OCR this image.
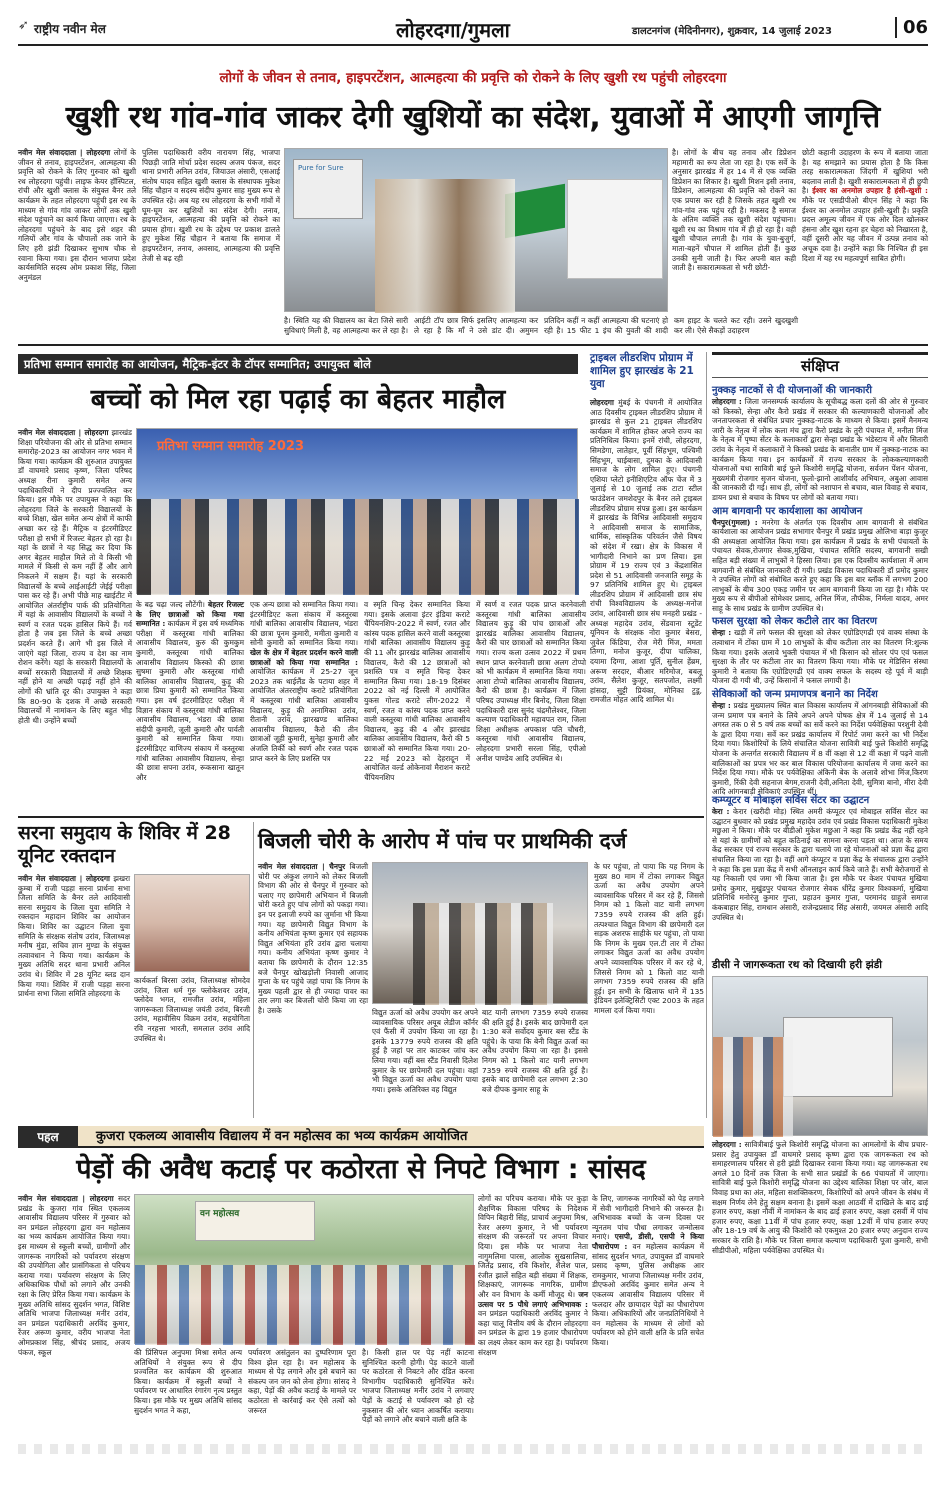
➶ राष्ट्रीय नवीन मेल	लोहरदगा/गुमला	डालटनगंज (मेदिनीनगर), शुक्रवार, 14 जुलाई 2023	06
लोगों के जीवन से तनाव, हाइपरटेंशन, आत्महत्या की प्रवृत्ति को रोकने के लिए खुशी रथ पहुंची लोहरदगा
खुशी रथ गांव-गांव जाकर देगी खुशियों का संदेश, युवाओं में आएगी जागृत्ति
नवीन मेल संवाददाता | लोहरदगा लोगों के जीवन से तनाव, हाइपरटेंशन, आत्महत्या की प्रवृत्ति को रोकने के लिए गुरुवार को खुशी रथ लोहरदगा पहुंची। लाइफ केयर हॉस्पिटल, रांची और खुशी क्लास के संयुक्त बैनर तले कार्यक्रम के तहत लोहरदगा पहुंची इस रथ के माध्यम से गांव गांव जाकर लोगों तक खुशी संदेश पहुंचाने का कार्य किया जाएगा। रथ के लोहरदगा पहुंचने के बाद इसे शहर की गलियों और गांव के चौपालों तक जाने के लिए हरी झंडी दिखाकर सुभाष चौक से रवाना किया गया। इस दौरान भाजपा प्रदेश कार्यसमिति सदस्य ओम प्रकाश सिंह, जिला अनुमंडल
पुलिस पदाधिकारी वरीय नारायण सिंह, भाजपा पिछड़ी जाति मोर्चा प्रदेश सदस्य अजय पंकज, सदर थाना प्रभारी अनिल उरांव, जियाउल अंसारी, एसआई संतोष यादव सहित खुशी क्लास के संस्थापक मुकेश सिंह चौहान व सदस्य संदीप कुमार साह मुख्य रूप से उपस्थित रहे। अब यह रथ लोहरदगा के सभी गांवों में घूम-घूम कर खुशियों का संदेश देगी। तनाव, हाइपरटेंशन, आत्महत्या की प्रवृत्ति को रोकने का प्रयास होगा। खुशी रथ के उद्देश्य पर प्रकाश डालते हुए मुकेश सिंह चौहान ने बताया कि समाज में हाइपरटेंशन, तनाव, अवसाद, आत्महत्या की प्रवृत्ति तेजी से बढ़ रही
Pure for Sure
है। स्थिति यह की विद्यालय का बेटा जिसे सारी सुविधाएं मिली है, वह आत्महत्या कर ले रहा है। आईटी टॉप छात्र सिर्फ इसलिए आत्महत्या कर ले रहा है कि माँ ने उसे डांट दी। अमुमन प्रतिदिन कहीं न कहीं आत्महत्या की घटनाएं हो रही है। 15 फीट 1 इंच की युवती की शादी कम हाइट के चलते कट रही। उसने खुदखुशी कर ली। ऐसे सैकड़ों उदाहरण
है। लोगों के बीच यह तनाव और डिप्रेशन महामारी का रूप लेता जा रहा है। एक सर्वे के अनुसार झारखंड में हर 14 में से एक व्यक्ति डिप्रेशन का शिकार है। खुशी मिशन इसी तनाव, डिप्रेशन, आत्महत्या की प्रवृत्ति को रोकने का एक प्रयास कर रही है जिसके तहत खुशी रथ गांव-गांव तक पहुंच रही है। मकसद है समाज के अंतिम व्यक्ति तक खुशी संदेश पहुंचाना। खुशी रथ का विश्राम गांव में ही हो रहा है। वही खुशी चौपाल लगती है। गांव के युवा-बुजुर्ग, माता-बहनें चौपाल में शामिल होती हैं। कुछ उनकी सुनी जाती है। फिर अपनी बात कही जाती है। सकारात्मकता से भरी छोटी-
छोटी कहानी उदाहरण के रूप में बताया जाता है। यह समझाने का प्रयास होता है कि किस तरह सकारात्मकता जिंदगी में खुशियां भरी बदलाव लाती है। खुशी सकारात्मकता में ही छुपी है। ईश्वर का अनमोल उपहार है हंसी-खुशी : मौके पर एसडीपीओ बीएन सिंह ने कहा कि ईश्वर का अनमोल उपहार हंसी-खुशी है। प्रकृति प्रदत्त अमूल्य जीवन में एक ओर दिल खोलकर हंसना और खुश रहना हर चेहरा को निखारता है, वहीं दूसरी ओर यह जीवन में उत्पन्न तनाव को अचूक दवा है। उन्होंने कहा कि निश्चित ही इस दिशा में यह रथ महत्वपूर्ण साबित होगी।
प्रतिभा सम्मान समारोह का आयोजन, मैट्रिक-इंटर के टॉपर सम्मानित; उपायुक्त बोले
बच्चों को मिल रहा पढ़ाई का बेहतर माहौल
नवीन मेल संवाददाता | लोहरदगा झारखंड शिक्षा परियोजना की ओर से प्रतिभा सम्मान समारोह-2023 का आयोजन नगर भवन में किया गया। कार्यक्रम की शुरुआत उपायुक्त डॉ वाघमारे प्रसाद कृष्ण, जिला परिषद अध्यक्ष रीना कुमारी समेत अन्य पदाधिकारियों ने दीप प्रज्ज्वलित कर किया। इस मौके पर उपायुक्त ने कहा कि लोहरदगा जिले के सरकारी विद्यालयों के बच्चे शिक्षा, खेल समेत अन्य क्षेत्रों में काफी अच्छा कर रहे हैं। मैट्रिक व इंटरमीडिएट परीक्षा हो सभी में रिजल्ट बेहतर हो रहा है। यहां के छात्रों ने यह सिद्ध कर दिया कि अगर बेहतर माहौल मिले तो वे किसी भी मामले में किसी से कम नहीं हैं और आगे निकलने में सक्षम हैं। यहां के सरकारी विद्यालयों के बच्चे आईआईटी जेईई परीक्षा पास कर रहे हैं। अभी पीछे माह खाईटीट में आयोजित अंतर्राष्ट्रीय पार्क की प्रतियोगिता में यहां के आवासीय विद्यालयों के बच्चों ने स्वर्ण व रजत पदक हासिल किये हैं। गर्व होता है जब इस जिले के बच्चे अच्छा प्रदर्शन करते हैं। आगे भी इस जिले में जाएंगे यहां जिला, राज्य व देश का नाम रोशन करेंगे। यहां के सरकारी विद्यालयों के बच्चों सरकारी विद्यालयों में अच्छे शिक्षक नहीं होने या अच्छी पढ़ाई नहीं होने की लोगों की भ्रांति दूर की। उपायुक्त ने कहा कि 80-90 के दशक में अच्छे सरकारी विद्यालयों में नामांकन के लिए बहुत भीड़ होती थी। उन्होंने बच्चों
प्रतिभा सम्मान समारोह 2023
के बढ़ चढ़ा जल्द लौटेंगी। बेहतर रिजल्ट के लिए छात्राओं को किया गया सम्मानित : कार्यक्रम में इस वर्ष मध्यमिक परीक्षा में कस्तूरबा गांधी बालिका आवासीय विद्यालय, कुरु की कुमकुम कुमारी, कस्तूरबा गांधी बालिका आवासीय विद्यालय किस्को की छात्रा सुषमा कुमारी और कस्तूरबा गांधी बालिका आवासीय विद्यालय, कुड़ू की छात्रा प्रिया कुमारी को सम्मानित किया गया। इस वर्ष इंटरमीडिएट परीक्षा में विज्ञान संकाय में कस्तूरबा गांधी बालिका आवासीय विद्यालय, भंडरा की छात्रा संदीपी कुमारी, जूली कुमारी और पार्वती कुमारी को सम्मानित किया गया। इंटरमीडिएट वाणिज्य संकाय में कस्तूरबा गांधी बालिका आवासीय विद्यालय, सेन्हा की छात्रा सपना उरांव, रूकसाना खातून और
एक अन्य छात्रा को सम्मानित किया गया। इंटरमीडिएट कला संकाय में कस्तूरबा गांधी बालिका आवासीय विद्यालय, भंडरा की छात्रा पूनम कुमारी, ममीता कुमारी व सोनी कुमारी को सम्मानित किया गया। खेल के क्षेत्र में बेहतर प्रदर्शन करने वाली छात्राओं को किया गया सम्मानित : आयोजित कार्यक्रम में 25-27 जून 2023 तक थाईलैंड के पटाया शहर में आयोजित अंतरराष्ट्रीय कराटे प्रतियोगिता में कस्तूरबा गांधी बालिका आवासीय विद्यालय, कुड़ू की अनामिका उरांव, रीतानी उरांव, झारखण्ड बालिका आवासीय विद्यालय, कैरो की तीन छात्राओं जूही कुमारी, सुनेहा कुमारी और अंजलि तिर्की को स्वर्ण और रजत पदक प्राप्त करने के लिए प्रशस्ति पत्र
व स्मृति चिन्ह देकर सम्मानित किया गया। इसके अलावा इंटर इंडिया कराटे चैंपियनशिप-2022 में स्वर्ण, रजत और कांस्य पदक हासिल करने वाली कस्तूरबा गांधी बालिका आवासीय विद्यालय कुड़ू की 11 और झारखंड बालिका आवासीय विद्यालय, कैरो की 12 छात्राओं को प्रशस्ति पत्र व स्मृति चिन्ह देकर सम्मानित किया गया। 18-19 दिसंबर 2022 को नई दिल्ली में आयोजित युकस गोल्ड कराटे लीग-2022 में स्वर्ण, रजत व कांस्य पदक प्राप्त करने वाली कस्तूरबा गांधी बालिका आवासीय विद्यालय, कुड़ू की 4 और झारखंड बालिका आवासीय विद्यालय, कैरो की 5 छात्राओं को सम्मानित किया गया। 20-22 मई 2023 को देहरादून में आयोजित वर्ल्ड ओकेनावां मैराशन कराटे चैंपियनशिप
में स्वर्ण व रजत पदक प्राप्त करनेवाली कस्तूरबा गांधी बालिका आवासीय विद्यालय कुड़ू की पांच छात्राओं और झारखंड बालिका आवासीय विद्यालय, कैरो की चार छात्राओं को सम्मानित किया गया। राज्य कला उत्सव 2022 में प्रथम स्थान प्राप्त करनेवाली छात्रा अलग टोप्पो को भी कार्यक्रम में सम्मानित किया गया। आशा टोप्पो बालिका आवासीय विद्यालय, कैरो की छात्रा है। कार्यक्रम में जिला परिषद उपाध्यक्ष मीर बिनोद, जिला शिक्षा पदाधिकारी दास सुनंद चंद्रमौलेश्वर, जिला कल्याण पदाधिकारी महावपत राम, जिला शिक्षा अधीक्षक अपकाश पति चौधरी, कस्तूरबा गांधी आवासीय विद्यालय, लोहरदगा प्रभारी सरला सिंह, एपीओ अनीश पाण्डेय आदि उपस्थित थे।
ट्राइबल लीडरशिप प्रोग्राम में शामिल हुए झारखंड के 21 युवा
लोहरदगा मुंबई के पंचगनी में आयोजित आठ दिवसीय ट्राइबल लीडरशिप प्रोग्राम में झारखंड से कुल 21 ट्राइबल लीडरशिप कार्यक्रम में शामिल होकर अपने राज्य का प्रतिनिधित्व किया। इनमें रांची, लोहरदगा, सिमडेगा, लातेहार, पूर्वी सिंहभूम, पश्चिमी सिंहभूम, चाईबासा, दुमका के आदिवासी समाज के लोग शामिल हुए। पंचगनी एशिया प्लेटो इनीशिएटिव ऑफ चेंज में 3 जुलाई से 10 जुलाई तक टाटा स्टील फाउंडेशन जमशेदपुर के बैनर तले ट्राइबल लीडरशिप प्रोग्राम संपन्न हुआ। इस कार्यक्रम में झारखंड के विभिन्न आदिवासी समुदाय ने आदिवासी समाज के सामाजिक, धार्मिक, सांस्कृतिक परिवर्तन जैसे विषय को संदेश में रखा। क्षेत्र के विकास में भागीदारी निभाने का प्रण लिया। इस प्रोग्राम में 19 राज्य एवं 3 केंद्रशासित प्रदेश से 51 आदिवासी जनजाति समूह के 97 प्रतिनिधि शामिल हुए थे। ट्राइबल लीडरशिप प्रोग्राम में आदिवासी छात्र संघ रांची विश्वविद्यालय के अध्यक्ष-मनोज उरांव, आदिवासी छात्र संघ मनहरी प्रखंड - अध्यक्ष महादेव उरांव, सेंडवाना स्टूडेंट यूनियन के संरक्षक नोरा कुमार बेसरा, जुवेल किंडिया, रोज मेरी मिंज, ममता तिग्गा, मनोज कुजूर, दीपा चालिका, दयामा दिग्गा, आशा पूर्ति, सुनील हेंब्रम, अरूण सरदार, बीआर मरिमोज, बबलू उरांव, सैलेश कुजूर, सतपजोत, लक्ष्मी हांसदा, सुट्टी प्रियंका, मोनिका टुडू, रामजीत मोहत आदि शामिल थे।
संक्षिप्त
नुक्कड़ नाटकों से दी योजनाओं की जानकारी
लोहरदगा : जिला जनसम्पर्क कार्यालय के सूचीबद्ध कला दलों की ओर से गुरुवार को किस्को, सेन्हा और कैरो प्रखंड में सरकार की कल्याणकारी योजनाओं और जनतापरकता से संबंधित प्रचार नुक्कड़-नाटक के माध्यम से किया। इसमें मैनमन्य जारी के नेतृत्व में लोक कला मंच द्वारा कैरो प्रखंड के तुरी पंचायत में, मनीता मिंज के नेतृत्व में पृष्पा सेंटर के कलाकारों द्वारा सेन्हा प्रखंड के भंडेस्टाय में और सितारी उरांव के नेतृत्व में कलाकारों ने किस्को प्रखंड के बानातीर ग्राम में नुक्कड़-नाटक का कार्यक्रम किया गया। इन कार्यक्रमों में राज्य सरकार के लोककल्याणकारी योजनाओं यथा सावित्री बाई फुले किशोरी समृद्धि योजना, सर्वजन पेंशन योजना, मुख्यमंत्री रोजगार सृजन योजना, फूलो-झानो आशीर्वाद अभियान, अबुआ आवास की जानकारी दी गई। साथ ही, लोगों को नशापान से बचाव, बाल विवाह से बचाव, डायन प्रथा से बचाव के विषय पर लोगों को बताया गया।
आम बागवानी पर कार्यशाला का आयोजन
चैनपुर(गुमला) : मनरेगा के अंतर्गत एक दिवसीय आम बागवानी से संबंधित कार्यशाला का आयोजन प्रखंड सभागार चैनपुर में प्रखंड प्रमुख ओलिभा बाड़ा कुजूर की अध्यक्षता आयोजित किया गया। इस कार्यक्रम में प्रखंड के सभी पंचायतों के पंचायत सेवक,रोजगार सेवक,मुखिया, पंचायत समिति सदस्य, बागवानी सखी सहित बड़ी संख्या में लाभुकों ने हिस्सा लिया। इस एक दिवसीय कार्यशाला में आम बागवानी से संबंधित जानकारी दी गयी। प्रखंड विकास पदाधिकारी डॉ प्रमोद कुमार ने उपस्थित लोगों को संबोधित करते हुए कहा कि इस बार ब्लॉक में लगभग 200 लाभुकों के बीच 300 एकड़ जमीन पर आम बागवानी किया जा रहा है। मौके पर मुख्य रूप से बीपीओ सोमेश्वर प्रसाद, अनिल मिंज, तौफीक, निर्मला यादव, अमर साहू के साथ प्रखंड के ग्रामीण उपस्थित थे।
फसल सुरक्षा को लेकर कटीले तार का वितरण
सेन्हा : खड़ी में लगे फसल की सुरक्षा को लेकर एग्रोडिएगढी एवं वाक्य संस्था के तत्वाधान में टोंका ग्राम में 10 लाभुकों के बीच कटीला तार का वितरण नि:शुल्क किया गया। इसके अलावे भुक्ती पंचायत में भी किसान को सोलर पंप एवं फसल सुरक्षा के तौर पर कटीला तार का वितरण किया गया। मौके पर मेडिसिन संस्था कुमारी ने बताया कि एग्रोडिएगढी एवं वाक्य सफल के सदस्य रहे पूर्व में बाड़ी योजना दी गयी थी, उन्हें किसानों ने फसल लगायी है।
सेविकाओं को जन्म प्रमाणपत्र बनाने का निर्देश
सेन्हा : प्रखंड मुख्यालय स्थित बाल विकास कार्यालय में आंगनबाड़ी सेविकाओं की जन्म प्रमाण पत्र बनाने के लिये अपने अपने पोषक क्षेत्र में 14 जुलाई से 14 अगस्त तक 0 से 5 वर्ष तक बच्चों का सर्वे करने का निर्देश पर्यवेक्षिका परशुनी देवी के द्वारा दिया गया। सर्वे कर प्रखंड कार्यालय में रिपोर्ट जमा करने का भी निर्देश दिया गया। किशोरियों के लिये संचालित योजना सावित्री बाई फुले किशोरी समृद्धि योजना के अन्तर्गत सरकारी विद्यालय में 8 वीं कक्षा से 12 वीं कक्षा में पढ़ने वाली बालिकाओं का प्रपत्र भर कर बाल विकास परियोजना कार्यालय में जमा करने का निर्देश दिया गया। मौके पर पर्यवेक्षिका अंकिनी बेक के अलावे शोभा मिंज,किरण कुमारी, रिंकी देवी सहनाज बेगम,राजनी देवी,अनिता देवी, सुमित्रा बानो, मीरा देवी आदि आंगनबाड़ी सेविकाएं उपस्थित थीं।
कम्प्यूटर व मोबाइल सर्विस सेंटर का उद्घाटन
केरा : केरार (खरीदी मोड़) स्थित अमरी कंप्यूटर एवं मोबाइल सर्विस सेंटर का उद्घाटन बुधवार को प्रखंड प्रमुख महादेव उरांव एवं प्रखंड विकास पदाधिकारी मुकेश मछुआ ने किया। मौके पर बीडीओ मुकेश मछुआ ने कहा कि प्रखंड केंद्र नहीं रहने से यहां के ग्रामीणों को बहुत कठिनाई का सामना करना पड़ता था। आज के समय केंद्र सरकार एवं राज्य सरकार के द्वारा चलाये जा रहे योजनाओं को प्रज्ञा केंद्र द्वारा संचालित किया जा रहा है। वहीं आगे कंप्यूटर व प्रज्ञा केंद्र के संचालक द्वारा उन्होंने ने कहा कि इस प्रज्ञा केंद्र में सभी ऑनलाइन कार्य किये जाते हैं। सभी बेरोजगारों से यह निकाली एवं जमा भी किया जाता है। इस मौके पर केशर पंचायत मुखिया प्रमोद कुमार, मुखुंडपुर पंचायत रोजगार सेवक धीरेंद्र कुमार विश्वकर्मा, मुखिया प्रतिनिधि मनोरंजु कुमार गुप्ता, प्रहाउन कुमार गुप्ता, परमानंद ग्राहुजे समाज कंकबाहार सिंह, रामधान अंसारी, राजेन्द्रप्रसाद सिंह अंसारी, जयमल अंसारी आदि उपस्थित थे।
डीसी ने जागरूकता रथ को दिखायी हरी झंडी
लोहरदगा : सावित्रीबाई फुले किशोरी समृद्धि योजना का आमलोगों के बीच प्रचार-प्रसार हेतु उपायुक्त डॉ वाघमारे प्रसाद कृष्ण द्वारा एक जागरूकता रथ को समाहरणालय परिसर से हरी झंडी दिखाकर रवाना किया गया। यह जागरूकता रथ अगले 10 दिनों तक जिला के सभी सात प्रखंडों के 66 पंचायतों में जाएगा। सावित्री बाई फुले किशोरी समृद्धि योजना का उद्देश्य बालिका शिक्षा पर जोर, बाल विवाह प्रथा का अंत, महिला सशक्तिकरण, किशोरियों को अपने जीवन के संबंध में सक्षम निर्णय लेने हेतु सक्षम बनाना है। इसमें कक्षा आठवीं में दाखिले के बाद ढाई हजार रुपए, कक्षा नौवीं में नामांकन के बाद ढाई हजार रुपए, कक्षा दसवीं में पांच हजार रुपए, कक्षा 11वीं में पांच हजार रुपए, कक्षा 12वीं में पांच हजार रुपए और 18-19 वर्ष के आयु की किशोरी को एकमुश्त 20 हजार रुपए अनुदान राज्य सरकार के राशि है। मौके पर जिला समाज कल्याण पदाधिकारी पूजा कुमारी, सभी सीडीपीओ, महिला पर्यवेक्षिका उपस्थित थे।
सरना समुदाय के शिविर में 28 यूनिट रक्तदान
नवीन मेल संवाददाता | लोहरदगा झखरा कुम्बा में राजी पड़हा सरना प्रार्थना सभा जिला समिति के बैनर तले आदिवासी सरना समुदाय के जिला युवा समिति ने रक्तदान महादान शिविर का आयोजन किया। शिविर का उद्घाटन जिला युवा समिति के संरक्षक संतोष उरांव, जिलाध्यक्ष मनीष मुंडा, सचिव ज्ञान मुण्डा के संयुक्त तत्वावधान ने किया गया। कार्यक्रम के मुख्य अतिथि सदर थाना प्रभारी अनिल उरांव थे। शिविर में 28 यूनिट ब्लड दान किया गया। शिविर में राजी पड़हा सरना प्रार्थना सभा जिला समिति लोहरदगा के
कार्यकर्ता बिरसा उरांव, जिलाध्यक्ष सोमदेव उरांव, जिला धर्म गुरु फ्लोकेशवर उरांव, फ्लोदेव भगत, रामजीत उरांव, महिला जागरूकता जिलाध्यक्ष जयंती उरांव, बिरजी उरांव, महावीसिय विक्रम उरांव, सहयोगिता रवि नरहत्ता भारती, समलाल उरांव आदि उपस्थित थे।
बिजली चोरी के आरोप में पांच पर प्राथमिकी दर्ज
नवीन मेल संवाददाता | चैनपुर बिजली चोरी पर अंकुश लगाने को लेकर बिजली विभाग की ओर से चैनपुर में गुरुवार को चलाए गए छापेमारी अभियान में बिजली चोरी करते हुए पांच लोगों को पकड़ा गया। इन पर इलाजी रुपये का जुर्माना भी किया गया। यह छापेमारी विद्युत विभाग के कनीय अभियंता कृष्ण कुमार एवं सहायक विद्युत अभियंता हरि उरांव द्वारा चलाया गया। कनीय अभियंता कृष्ण कुमार ने बताया कि छापेमारी के दौरान 12:35 बजे चैनपुर खोखड़ोली निवासी आजाद गुप्ता के घर पहुंचे जहां पाया कि निगम के मुख्य पहली द्वार से ही ज्यादा पावर का तार लगा कर बिजली चोरी किया जा रहा है। उसके	विद्युत ऊर्जा को अवैध उपयोग कर अपने व्यावसायिक परिसर अयूब लेडीज कॉर्नर एवं फैंसी में उपयोग किया जा रहा है। इसके 13779 रुपये राजस्व की क्षति हुई है जहां पर तार काटकर जांच कर लिया गया। वहीं बस स्टैंड निवासी दिलेश कुमार के घर छापेमारी दल पहुंचा। वहां भी विद्युत ऊर्जा का अवैध उपयोग पाया गया। इसके अतिरिक्त वह विद्युत
बाट यानी लगभग 7359 रुपये राजस्व की क्षति हुई है। इसके बाद छापेमारी दल 1:30 बजे सर्वोदय कुमार बस स्टैंड के पहुंचे। के पाया कि बेनी विद्युत ऊर्जा का अवैध उपयोग किया जा रहा है। इससे निगम को 1 किलो वाट यानी लगभग 7359 रुपये राजस्व की क्षति हुई है। इसके बाद छापेमारी दल लगभग 2:30 बजे दीपक कुमार साहू के
के घर पहुंचा, तो पाया कि यह निगम के मुख्य 80 माम में टोका लगाकर विद्युत ऊर्जा का अवैध उपयोग अपने व्यावसायिक परिसर में कर रहे हैं, जिससे निगम को 1 किलो वाट यानी लगभग 7359 रुपये राजस्व की क्षति हुई। तत्पश्चात विद्युत विभाग की छापेमारी दल सड़क अशरफ साहीके घर पहुंचा, तो पाया कि निगम के मुख्य एल.टी तार में टोका लगाकर विद्युत ऊर्जा का अवैध उपयोग अपने व्यावसायिक परिसर में कर रहे थे, जिससे निगम को 1 किलो वाट यानी लगभग 7359 रुपये राजस्व की क्षति हुई। इन सभी के खिलाफ थाने में 135 इंडियन इलेक्ट्रिसिटी एक्ट 2003 के तहत मामला दर्ज किया गया।
पहल	कुजरा एकलव्य आवासीय विद्यालय में वन महोत्सव का भव्य कार्यक्रम आयोजित
पेड़ों की अवैध कटाई पर कठोरता से निपटे विभाग : सांसद
नवीन मेल संवाददाता | लोहरदगा सदर प्रखंड के कुजरा गांव स्थित एकलव्य आवासीय विद्यालय परिसर में गुरुवार को वन प्रमंडल लोहरदगा द्वारा वन महोत्सव का भव्य कार्यक्रम आयोजित किया गया। इस माध्यम से स्कूली बच्चों, ग्रामीणों और जागरूक नागरिकों को पर्यावरण संरक्षण की उपयोगिता और प्रासंगिकता से परिचय कराया गया। पर्यावरण संरक्षण के लिए अधिकाधिक पौधों को लगाने और उनकी रक्षा के लिए प्रेरित किया गया। कार्यक्रम के मुख्य अतिथि सांसद सुदर्शन भगत, विशिष्ट अतिथि भाजपा जिलाध्यक्ष मनीर उरांव, वन प्रमंडल पदाधिकारी अरविंद कुमार, रेंजर अरूण कुमार, वरीय भाजपा नेता ओमप्रकाश सिंह, श्रीचंद प्रसाद, अजय पंकज, स्कूल
वन महोत्सव
की प्रिंसिपल अनुपमा मिश्रा समेत अन्य अतिथियों ने संयुक्त रूप से दीप प्रज्वलित कर कार्यक्रम की शुरुआत किया। कार्यक्रम में स्कूली बच्चों ने पर्यावरण पर आधारित रंगारंग नृत्य प्रस्तुत किया। इस मौके पर मुख्य अतिथि सांसद सुदर्शन भगत ने कहा,
पर्यावरण असंतुलन का दुष्परिणाम पूरा विश्व झेल रहा है। वन महोत्सव के माध्यम से पेड़ लगाने और इसे बचाने का संकल्प जन जन को लेना होगा। सांसद ने कहा, पेड़ों की अवैध कटाई के मामले पर कठोरता से कार्रवाई कर ऐसे तत्वों को जरूरत
है। किसी हाल पर पेड़ नहीं काटना सुनिश्चित करनी होगी। पेड़ काटने वालों पर कठोरता से निबटने और दंडित करना विभागीय पदाधिकारी सुनिश्चित करें। भाजपा जिलाध्यक्ष मनीर उरांव ने लगवाए पेड़ों के कटाई से पर्यावरण को हो रहे नुकसान की ओर ध्यान आकर्षित कराया। पेड़ों को लगाने और बचाने वाली क्षति के
लोगों का परिचय कराया। मौके पर कुड़ा शैक्षणिक विकास परिषद के निदेशक विपिन बिहारी सिंह, प्राचार्य अनुपमा मिश्र, रेंजर अरुण कुमार, ने भी पर्यावरण संरक्षण की जरूरतों पर अपना विचार दिया। इस मौके पर भाजपा नेता नागुमलिमा पारस, आलोक सुखसालिया, जितेंद्र प्रसाद, रवि किशोर, शैलेश पाल, रंजीत झालें सहित बड़ी संख्या में शिक्षक, शिक्षकाएं, जागरूक नागरिक, ग्रामीण और वन विभाग के कर्मी मौजूद थे। जन उत्सव पर 5 पौधे लगाएं अभिभावक : वन प्रमंडल पदाधिकारी अरविंद कुमार ने कहा चालू वित्तीय वर्ष के दौरान लोहरदगा वन प्रमंडल के द्वारा 19 हजार पौधारोपण का लक्ष्य लेकर काम कर रहा है। पर्यावरण संरक्षण
के लिए, जागरूक नागरिकों को पेड़ लगाने में सेवी भागीदारी निभाने की जरूरत है। अभिभावक बच्चों के जन्म दिवस पर न्यूनतम पांच पौधा लगाकर जन्मोत्सव मनाएं। एसपी, डीसी, एसपी ने किया पौधारोपण : वन महोत्सव कार्यक्रम में सांसद सुदर्शन भगत, उपायुक्त डॉ वाघमारे प्रसाद कृष्ण, पुलिस अधीक्षक आर रामकुमार, भाजपा जिलाध्यक्ष मनीर उरांव, डीएफओ अरविंद कुमार समेत अन्य ने एकलव्य आवासीय विद्यालय परिसर में फलदार और छायादार पेड़ों का पौधारोपण किया। अधिकारियों और जनप्रतिनिधियों ने वन महोत्सव के माध्यम से लोगों को पर्यावरण को होने वाली क्षति के प्रति सचेत किया।
